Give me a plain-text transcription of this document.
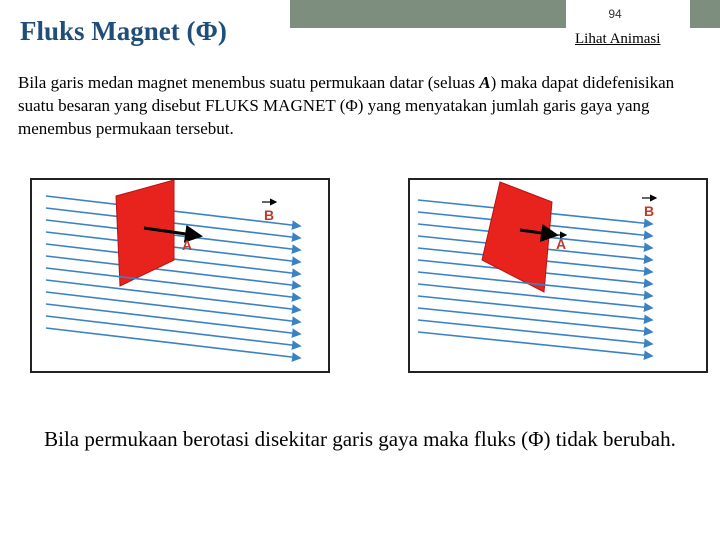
Fluks Magnet (Φ)
94
Lihat Animasi

Bila garis medan magnet menembus suatu permukaan datar (seluas A) maka dapat didefenisikan suatu besaran yang disebut FLUKS MAGNET (Φ) yang menyatakan jumlah garis gaya yang menembus permukaan tersebut.

B
A
B
A

Bila permukaan berotasi disekitar garis gaya maka fluks (Φ) tidak berubah.
